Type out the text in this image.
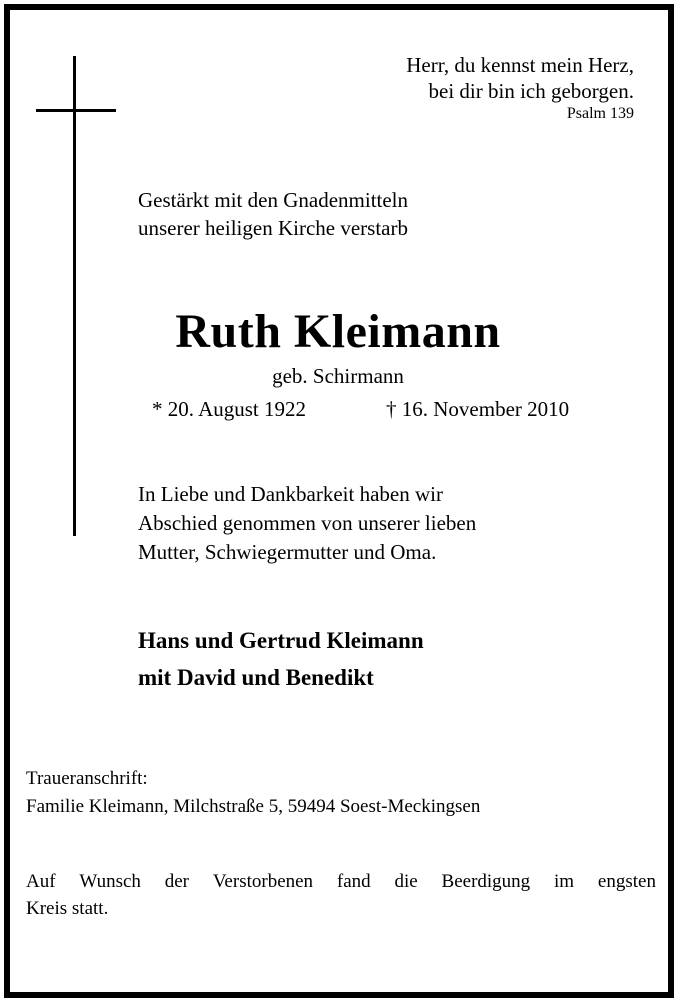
Herr, du kennst mein Herz,
bei dir bin ich geborgen.
Psalm 139
Gestärkt mit den Gnadenmitteln
unserer heiligen Kirche verstarb
Ruth Kleimann
geb. Schirmann
* 20. August 1922	† 16. November 2010
In Liebe und Dankbarkeit haben wir
Abschied genommen von unserer lieben
Mutter, Schwiegermutter und Oma.
Hans und Gertrud Kleimann
mit David und Benedikt
Traueranschrift:
Familie Kleimann, Milchstraße 5, 59494 Soest-Meckingsen
Auf Wunsch der Verstorbenen fand die Beerdigung im engsten
Kreis statt.
